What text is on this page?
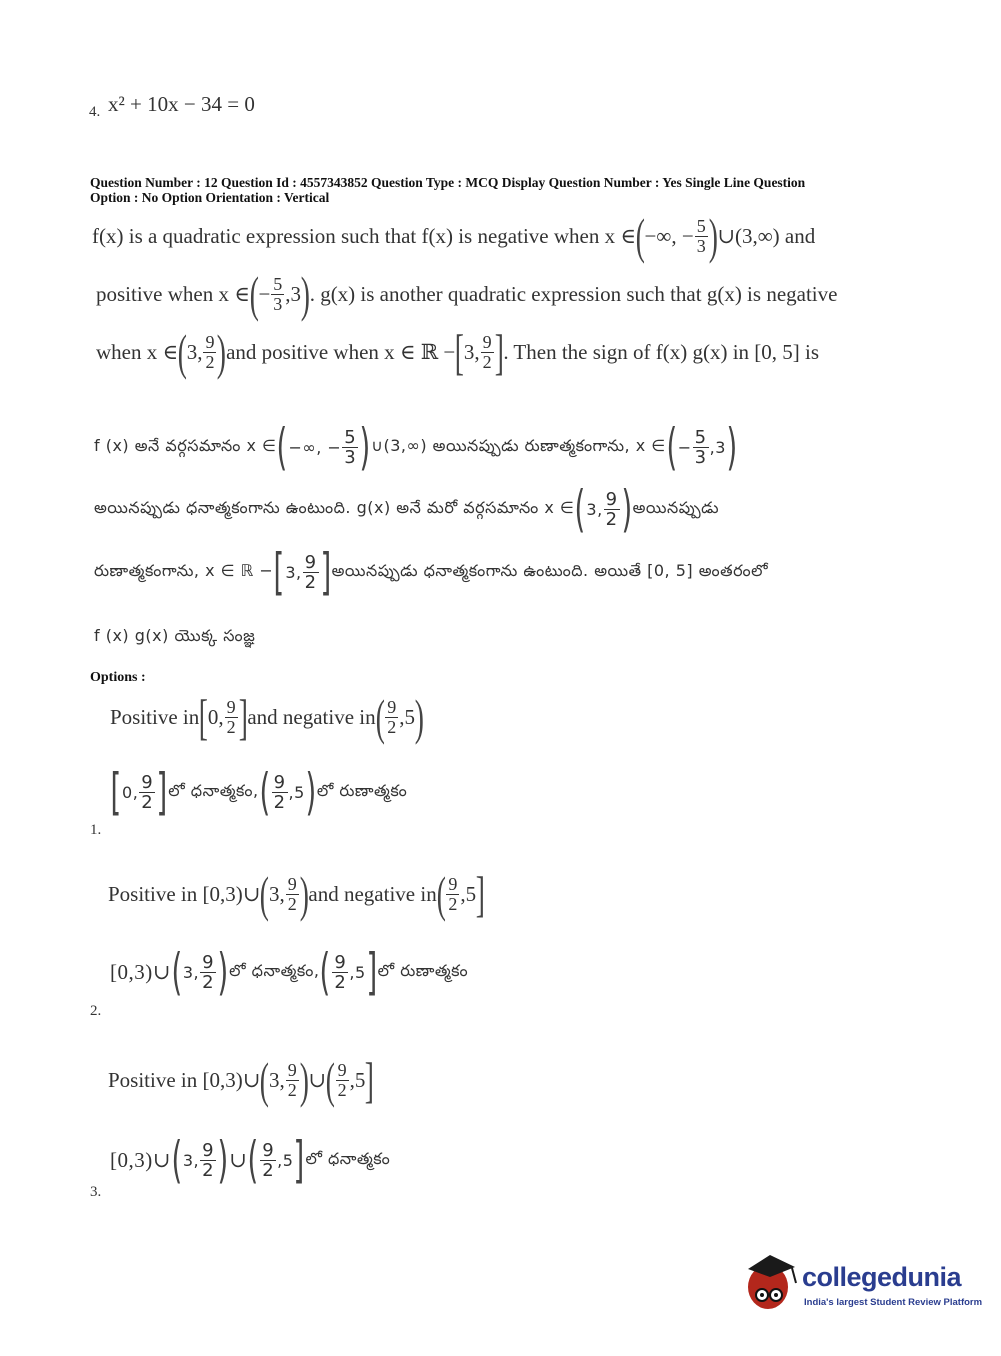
4. x² + 10x − 34 = 0
Question Number : 12 Question Id : 4557343852 Question Type : MCQ Display Question Number : Yes Single Line Question
Option : No Option Orientation : Vertical
f(x) is a quadratic expression such that f(x) is negative when x ∈ ( −∞, − $\frac{5}{3}$ ) ∪(3,∞) and
positive when x ∈ ( − $\frac{5}{3} ,3$ ) . g(x) is another quadratic expression such that g(x) is negative
when x ∈ ( 3, $\frac{9}{2}$ ) and positive when x ∈ ℝ − [ 3, $\frac{9}{2}$ ] . Then the sign of f(x) g(x) in [0, 5] is
f (x) అనే వర్గసమానం x ∈ ( −∞, − $\frac{5}{3}$ ) ∪(3,∞) అయినప్పుడు రుణాత్మకంగాను, x ∈ ( − $\frac{5}{3} ,3$ )
అయినప్పుడు ధనాత్మకంగాను ఉంటుంది. g(x) అనే మరో వర్గసమానం x ∈ ( 3, $\frac{9}{2}$ ) అయినప్పుడు
రుణాత్మకంగాను, x ∈ ℝ − [ 3, $\frac{9}{2}$ ] అయినప్పుడు ధనాత్మకంగాను ఉంటుంది. అయితే [0, 5] అంతరంలో
f (x) g(x) యొక్క సంజ్ఞ
Options :
Positive in [ 0, $\frac{9}{2}$ ] and negative in ( $\frac{9}{2} ,5$ )
[ 0, $\frac{9}{2}$ ] లో ధనాత్మకం, ( $\frac{9}{2} ,5$ ) లో రుణాత్మకం
1.
Positive in [0,3)∪ ( 3, $\frac{9}{2}$ ) and negative in ( $\frac{9}{2} ,5$ ]
[0,3)∪ ( 3, $\frac{9}{2}$ ) లో ధనాత్మకం, ( $\frac{9}{2} ,5$ ] లో రుణాత్మకం
2.
Positive in [0,3)∪ ( 3, $\frac{9}{2}$ ) ∪ ( $\frac{9}{2} ,5$ ]
[0,3)∪ ( 3, $\frac{9}{2}$ ) ∪ ( $\frac{9}{2} ,5$ ] లో ధనాత్మకం
3.
collegedunia
India's largest Student Review Platform
